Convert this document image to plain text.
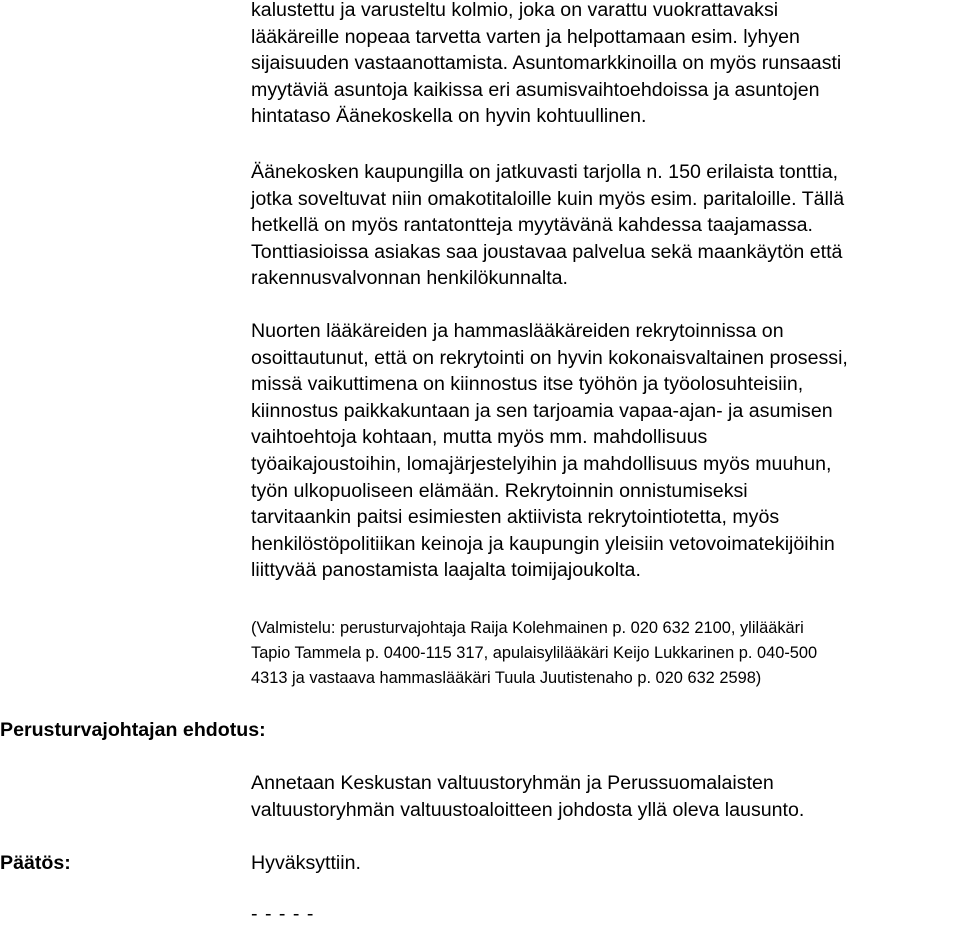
kalustettu ja varusteltu kolmio, joka on varattu vuokrattavaksi
lääkäreille nopeaa tarvetta varten ja helpottamaan esim. lyhyen
sijaisuuden vastaanottamista. Asuntomarkkinoilla on myös runsaasti
myytäviä asuntoja kaikissa eri asumisvaihtoehdoissa ja asuntojen
hintataso Äänekoskella on hyvin kohtuullinen.

Äänekosken kaupungilla on jatkuvasti tarjolla n. 150 erilaista tonttia,
jotka soveltuvat niin omakotitaloille kuin myös esim. paritaloille. Tällä
hetkellä on myös rantatontteja myytävänä kahdessa taajamassa.
Tonttiasioissa asiakas saa joustavaa palvelua sekä maankäytön että
rakennusvalvonnan henkilökunnalta.

Nuorten lääkäreiden ja hammaslääkäreiden rekrytoinnissa on
osoittautunut, että on rekrytointi on hyvin kokonaisvaltainen prosessi,
missä vaikuttimena on kiinnostus itse työhön ja työolosuhteisiin,
kiinnostus paikkakuntaan ja sen tarjoamia vapaa-ajan- ja asumisen
vaihtoehtoja kohtaan, mutta myös mm. mahdollisuus
työaikajoustoihin, lomajärjestelyihin ja mahdollisuus myös muuhun,
työn ulkopuoliseen elämään. Rekrytoinnin onnistumiseksi
tarvitaankin paitsi esimiesten aktiivista rekrytointiotetta, myös
henkilöstöpolitiikan keinoja ja kaupungin yleisiin vetovoimatekijöihin
liittyvää panostamista laajalta toimijajoukolta.

(Valmistelu: perusturvajohtaja Raija Kolehmainen p. 020 632 2100, ylilääkäri
Tapio Tammela p. 0400-115 317, apulaisylilääkäri Keijo Lukkarinen p. 040-500
4313 ja vastaava hammaslääkäri Tuula Juutistenaho p. 020 632 2598)

Perusturvajohtajan ehdotus:

Annetaan Keskustan valtuustoryhmän ja Perussuomalaisten
valtuustoryhmän valtuustoaloitteen johdosta yllä oleva lausunto.

Päätös:	Hyväksyttiin.

- - - - -
